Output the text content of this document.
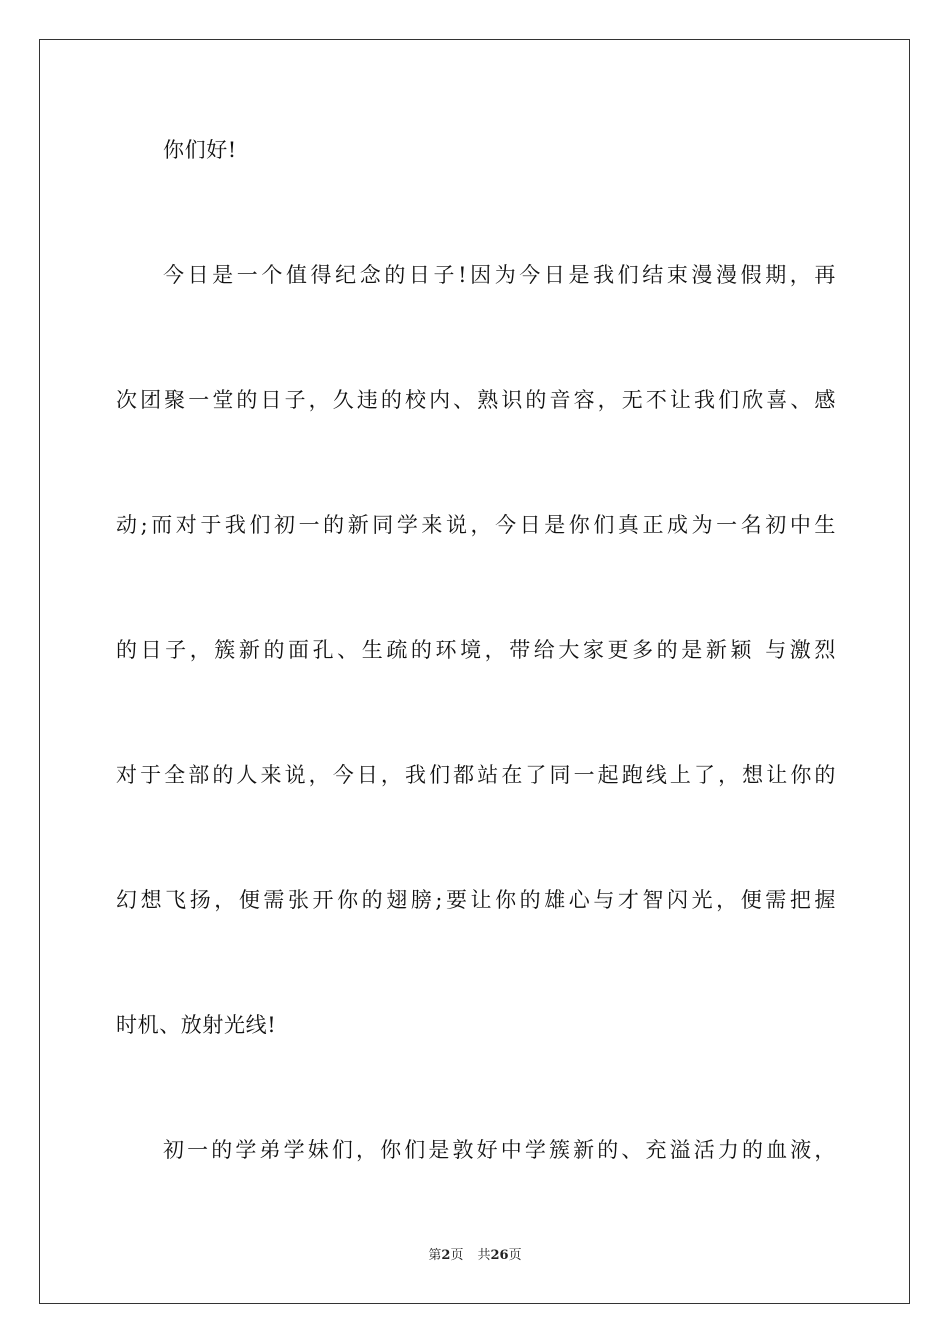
你们好!
今日是一个值得纪念的日子!因为今日是我们结束漫漫假期，再
次团聚一堂的日子，久违的校内、熟识的音容，无不让我们欣喜、感
动;而对于我们初一的新同学来说，今日是你们真正成为一名初中生
的日子，簇新的面孔、生疏的环境，带给大家更多的是新颖 与激烈
对于全部的人来说，今日，我们都站在了同一起跑线上了，想让你的
幻想飞扬，便需张开你的翅膀;要让你的雄心与才智闪光，便需把握
时机、放射光线!
初一的学弟学妹们，你们是敦好中学簇新的、充溢活力的血液，
第2页 共26页
